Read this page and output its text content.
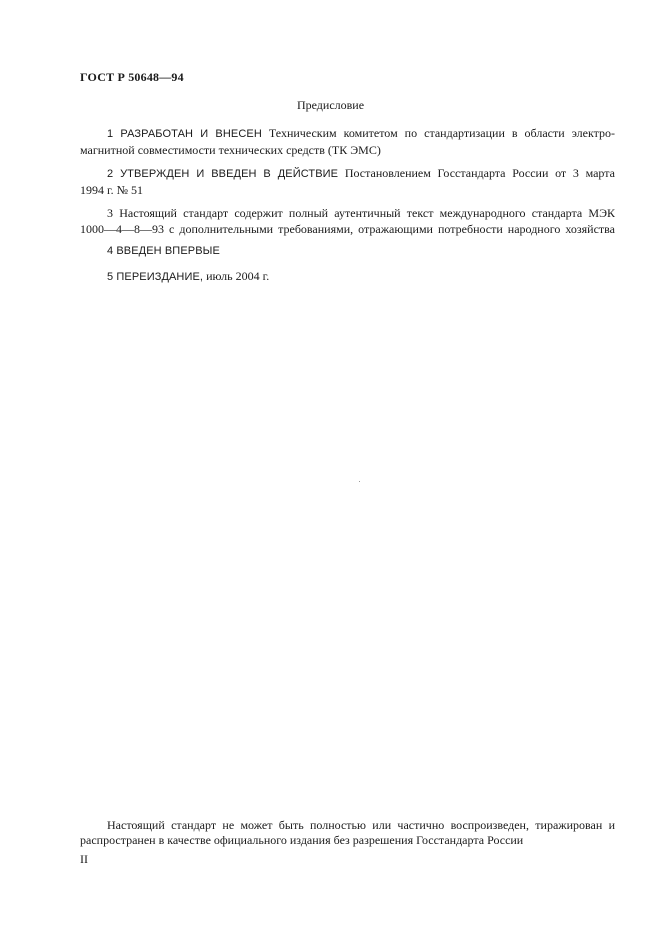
ГОСТ Р 50648—94
Предисловие
1 РАЗРАБОТАН И ВНЕСЕН Техническим комитетом по стандартизации в области электро-
магнитной совместимости технических средств (ТК ЭМС)
2 УТВЕРЖДЕН И ВВЕДЕН В ДЕЙСТВИЕ Постановлением Госстандарта России от 3 марта
1994 г. № 51
3 Настоящий стандарт содержит полный аутентичный текст международного стандарта МЭК
1000—4—8—93 с дополнительными требованиями, отражающими потребности народного хозяйства
4 ВВЕДЕН ВПЕРВЫЕ
5 ПЕРЕИЗДАНИЕ, июль 2004 г.
Настоящий стандарт не может быть полностью или частично воспроизведен, тиражирован и
распространен в качестве официального издания без разрешения Госстандарта России
II
